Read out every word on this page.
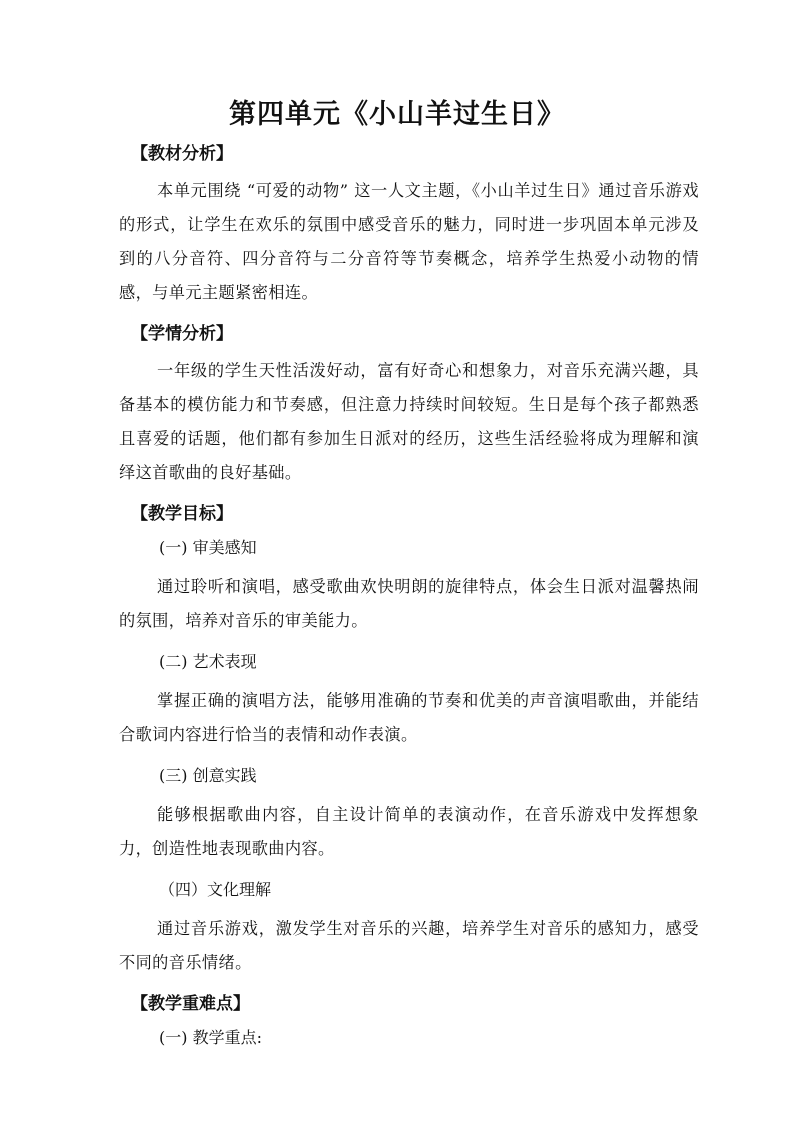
第四单元《小山羊过生日》
【教材分析】

本单元围绕 “可爱的动物” 这一人文主题，《小山羊过生日》通过音乐游戏的形式，让学生在欢乐的氛围中感受音乐的魅力，同时进一步巩固本单元涉及到的八分音符、四分音符与二分音符等节奏概念，培养学生热爱小动物的情感，与单元主题紧密相连。

【学情分析】

一年级的学生天性活泼好动，富有好奇心和想象力，对音乐充满兴趣，具备基本的模仿能力和节奏感，但注意力持续时间较短。生日是每个孩子都熟悉且喜爱的话题，他们都有参加生日派对的经历，这些生活经验将成为理解和演绎这首歌曲的良好基础。

【教学目标】
(一) 审美感知

通过聆听和演唱，感受歌曲欢快明朗的旋律特点，体会生日派对温馨热闹的氛围，培养对音乐的审美能力。

(二) 艺术表现

掌握正确的演唱方法，能够用准确的节奏和优美的声音演唱歌曲，并能结合歌词内容进行恰当的表情和动作表演。

(三) 创意实践

能够根据歌曲内容，自主设计简单的表演动作，在音乐游戏中发挥想象力，创造性地表现歌曲内容。

（四）文化理解

通过音乐游戏，激发学生对音乐的兴趣，培养学生对音乐的感知力，感受不同的音乐情绪。

【教学重难点】
(一) 教学重点:
